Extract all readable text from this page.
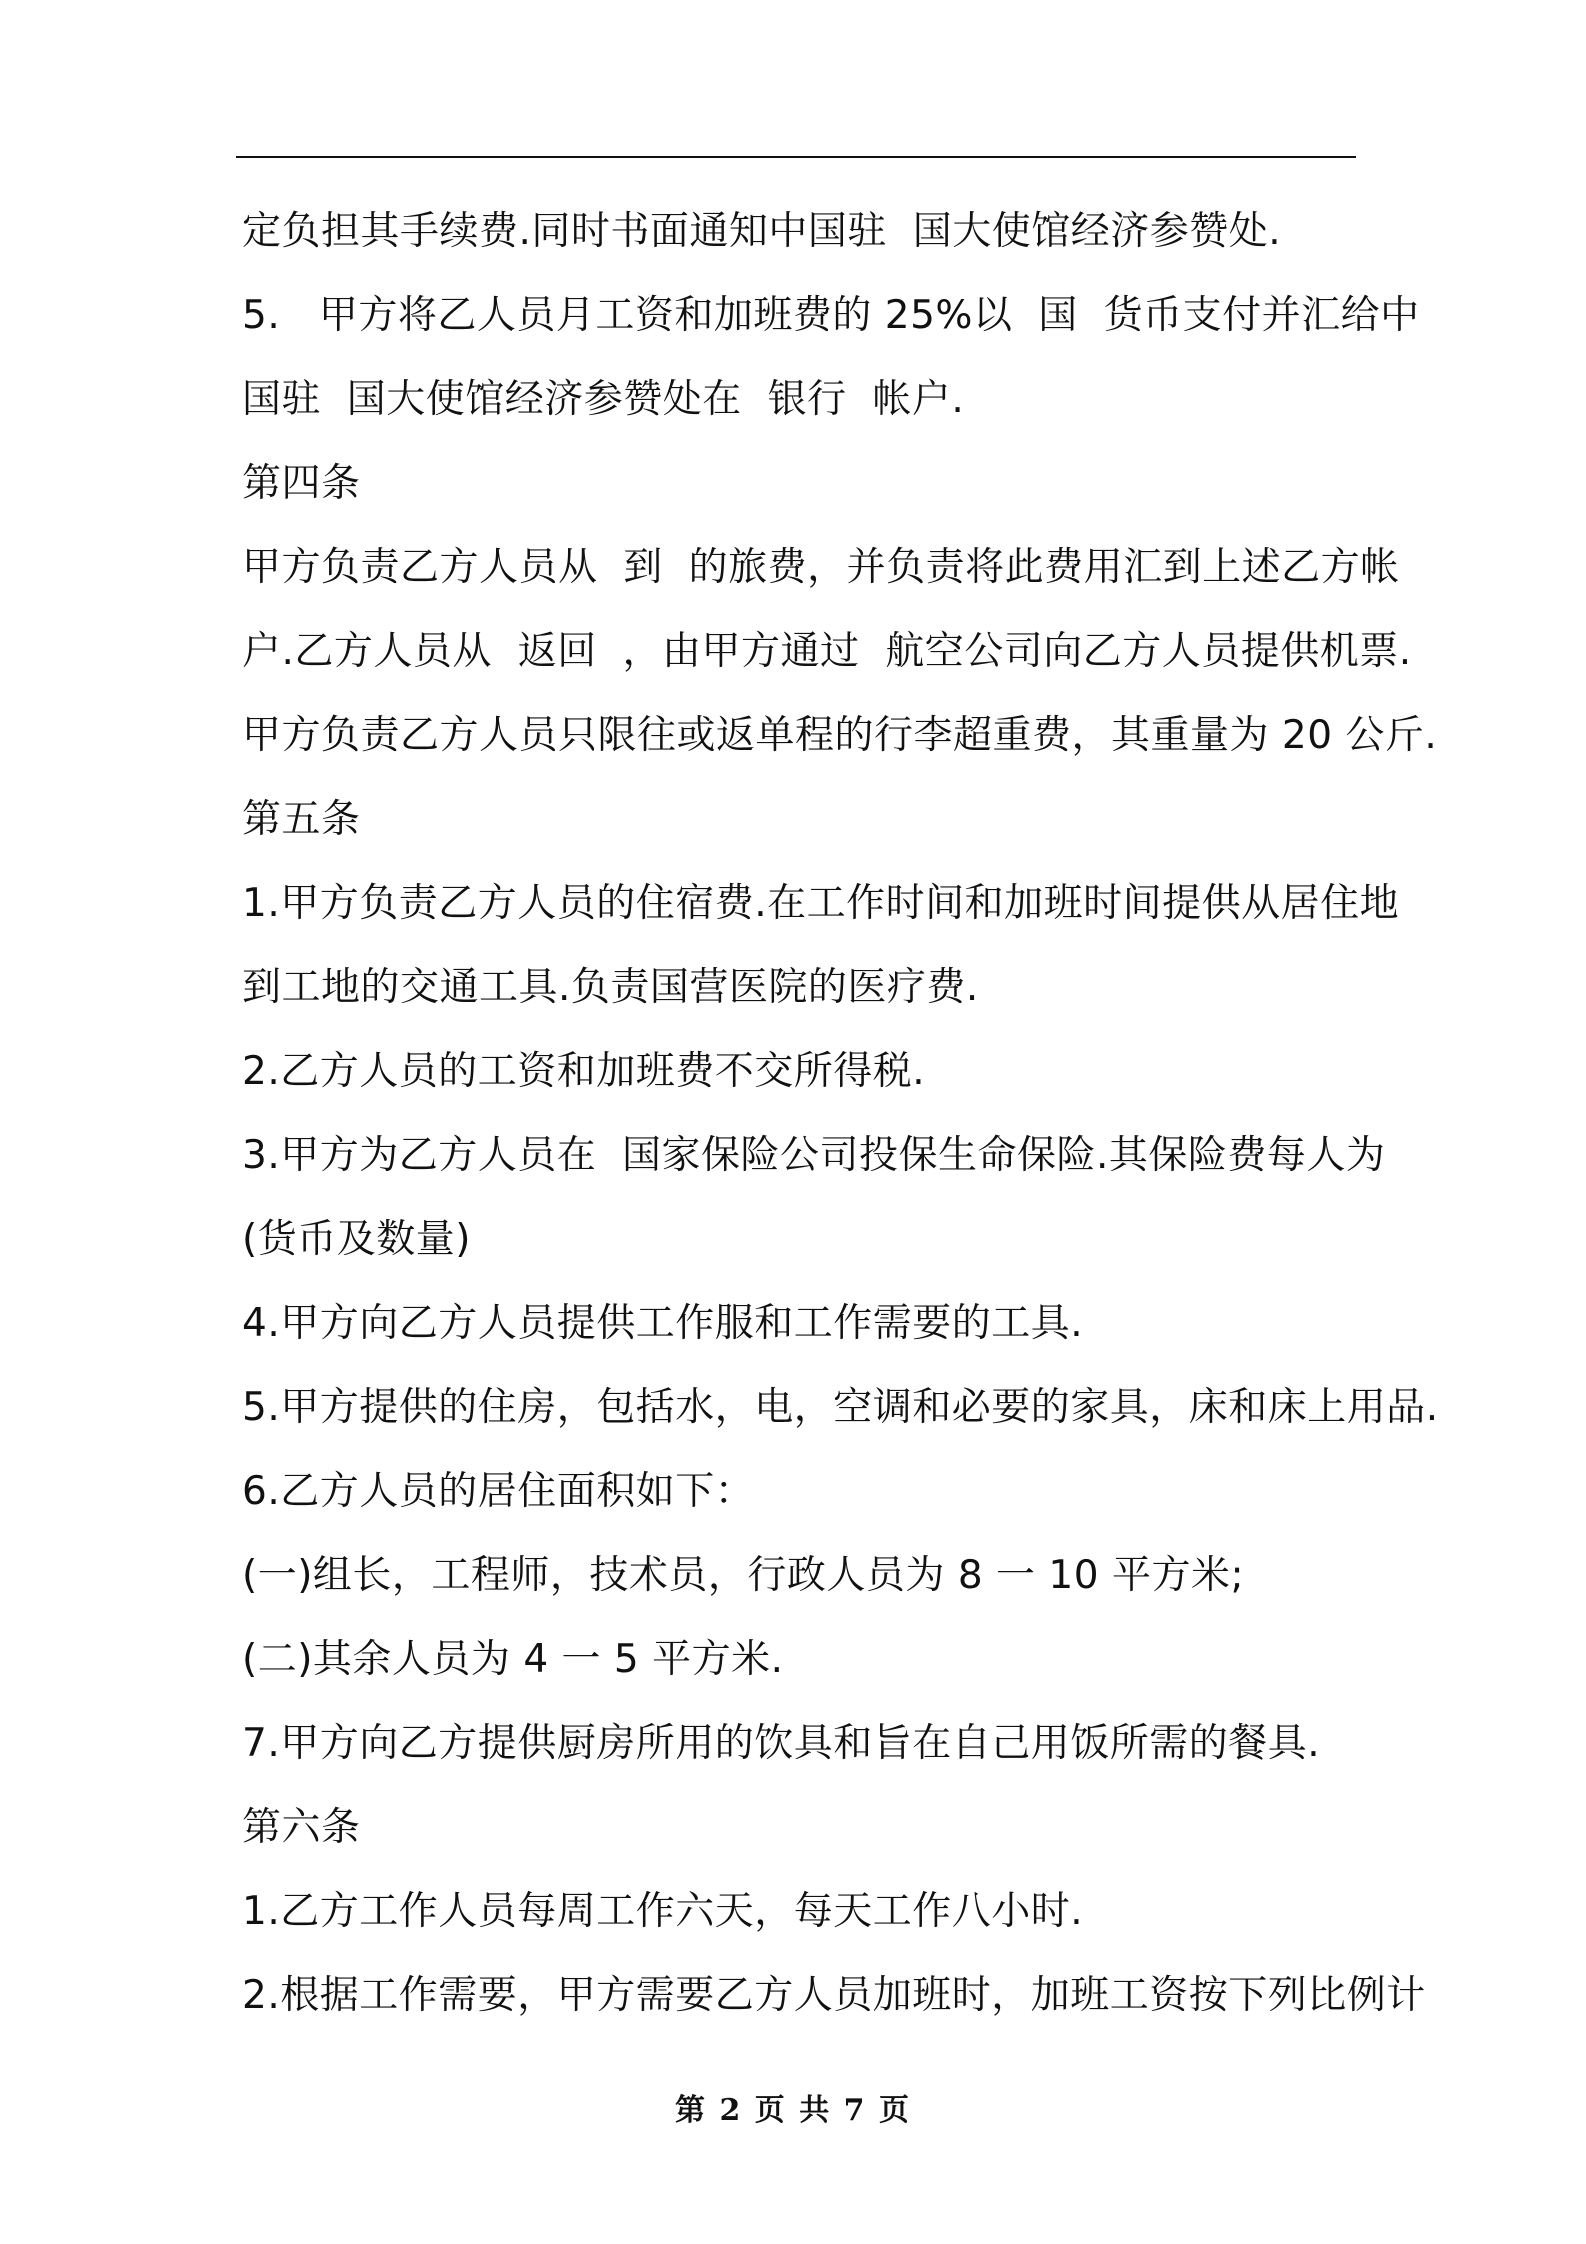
定负担其手续费.同时书面通知中国驻  国大使馆经济参赞处.
5.   甲方将乙人员月工资和加班费的 25%以  国  货币支付并汇给中
国驻  国大使馆经济参赞处在  银行  帐户.
第四条
甲方负责乙方人员从  到  的旅费，并负责将此费用汇到上述乙方帐
户.乙方人员从  返回  ，由甲方通过  航空公司向乙方人员提供机票.
甲方负责乙方人员只限往或返单程的行李超重费，其重量为 20 公斤.
第五条
1.甲方负责乙方人员的住宿费.在工作时间和加班时间提供从居住地
到工地的交通工具.负责国营医院的医疗费.
2.乙方人员的工资和加班费不交所得税.
3.甲方为乙方人员在  国家保险公司投保生命保险.其保险费每人为
(货币及数量)
4.甲方向乙方人员提供工作服和工作需要的工具.
5.甲方提供的住房，包括水，电，空调和必要的家具，床和床上用品.
6.乙方人员的居住面积如下：
(一)组长，工程师，技术员，行政人员为 8 一 10 平方米;
(二)其余人员为 4 一 5 平方米.
7.甲方向乙方提供厨房所用的饮具和旨在自己用饭所需的餐具.
第六条
1.乙方工作人员每周工作六天，每天工作八小时.
2.根据工作需要，甲方需要乙方人员加班时，加班工资按下列比例计
第 2 页 共 7 页
